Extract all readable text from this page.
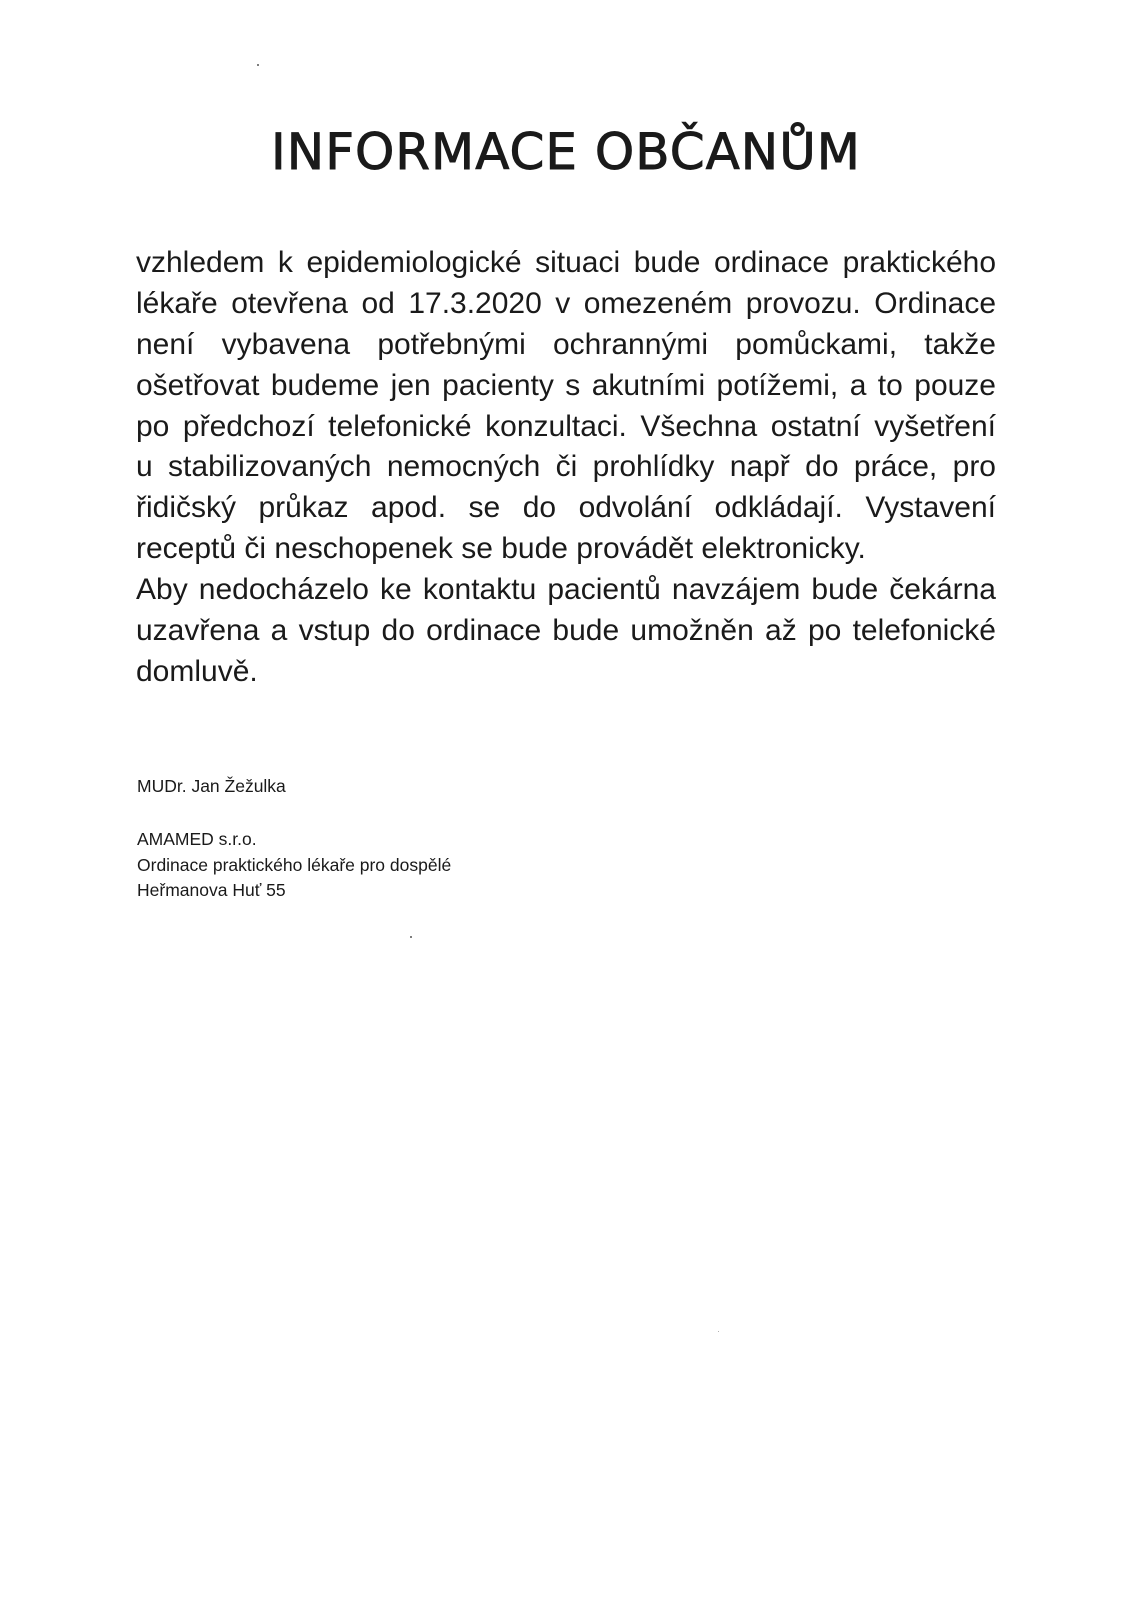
INFORMACE OBČANŮM
vzhledem k epidemiologické situaci bude ordinace praktického
lékaře otevřena od 17.3.2020 v omezeném provozu. Ordinace
není vybavena potřebnými ochrannými pomůckami, takže
ošetřovat budeme jen pacienty s akutními potížemi, a to pouze
po předchozí telefonické konzultaci. Všechna ostatní vyšetření
u stabilizovaných nemocných či prohlídky např do práce, pro
řidičský průkaz apod. se do odvolání odkládají. Vystavení
receptů či neschopenek se bude provádět elektronicky.
Aby nedocházelo ke kontaktu pacientů navzájem bude čekárna
uzavřena a vstup do ordinace bude umožněn až po telefonické
domluvě.

MUDr. Jan Žežulka

AMAMED s.r.o.
Ordinace praktického lékaře pro dospělé
Heřmanova Huť 55
